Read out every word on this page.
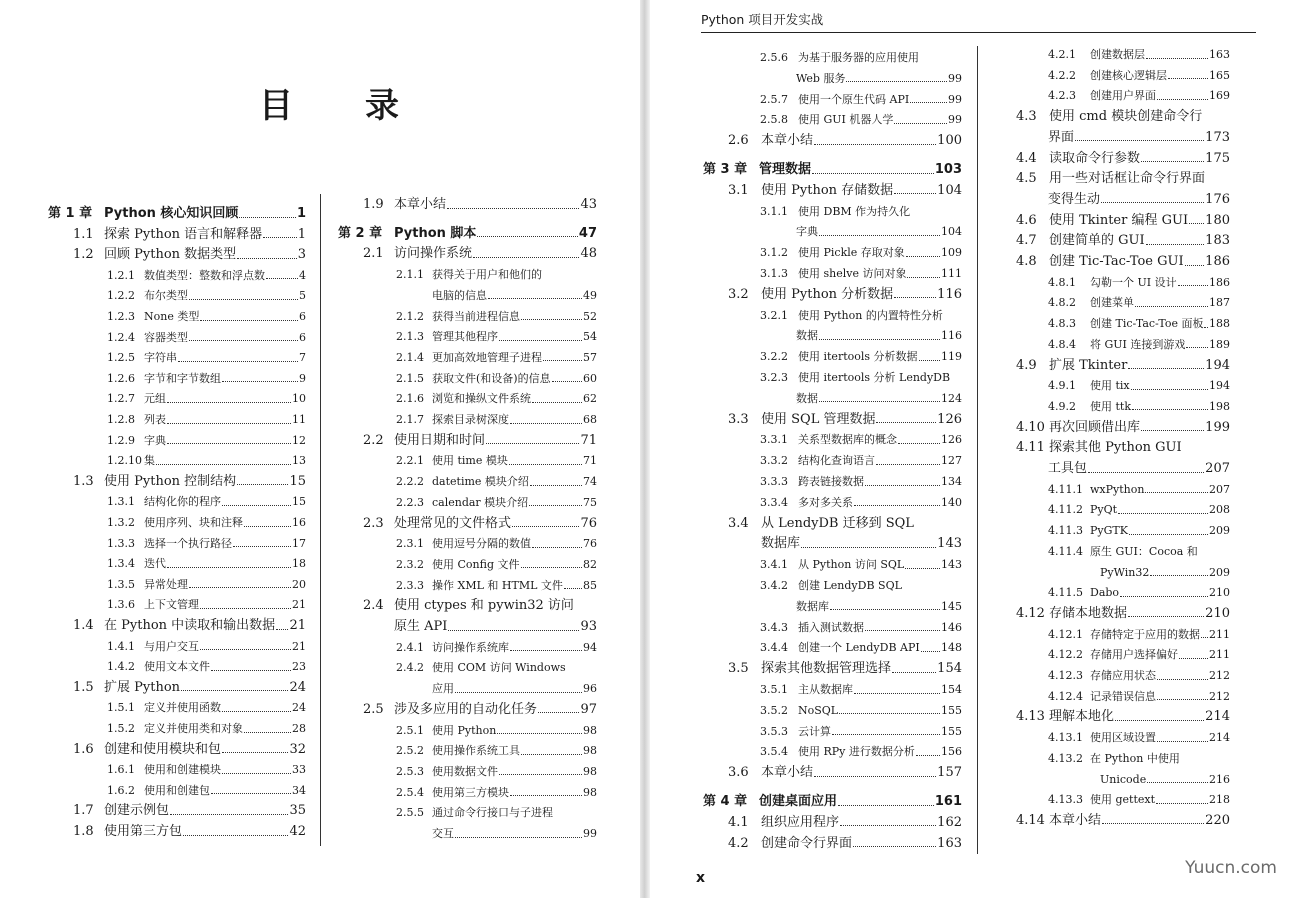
目 录
第 1 章 Python 核心知识回顾	1
1.1 探索 Python 语言和解释器	1
1.2 回顾 Python 数据类型	3
1.2.1 数值类型：整数和浮点数	4
1.2.2 布尔类型	5
1.2.3 None 类型	6
1.2.4 容器类型	6
1.2.5 字符串	7
1.2.6 字节和字节数组	9
1.2.7 元组	10
1.2.8 列表	11
1.2.9 字典	12
1.2.10 集	13
1.3 使用 Python 控制结构	15
1.3.1 结构化你的程序	15
1.3.2 使用序列、块和注释	16
1.3.3 选择一个执行路径	17
1.3.4 迭代	18
1.3.5 异常处理	20
1.3.6 上下文管理	21
1.4 在 Python 中读取和输出数据 21
1.4.1 与用户交互	21
1.4.2 使用文本文件	23
1.5 扩展 Python	24
1.5.1 定义并使用函数	24
1.5.2 定义并使用类和对象	28
1.6 创建和使用模块和包	32
1.6.1 使用和创建模块	33
1.6.2 使用和创建包	34
1.7 创建示例包	35
1.8 使用第三方包	42
1.9 本章小结	43
第 2 章 Python 脚本	47
2.1 访问操作系统	48
2.1.1 获得关于用户和他们的
电脑的信息	49
2.1.2 获得当前进程信息	52
2.1.3 管理其他程序	54
2.1.4 更加高效地管理子进程	57
2.1.5 获取文件(和设备)的信息	60
2.1.6 浏览和操纵文件系统	62
2.1.7 探索目录树深度	68
2.2 使用日期和时间	71
2.2.1 使用 time 模块	71
2.2.2 datetime 模块介绍	74
2.2.3 calendar 模块介绍	75
2.3 处理常见的文件格式	76
2.3.1 使用逗号分隔的数值	76
2.3.2 使用 Config 文件	82
2.3.3 操作 XML 和 HTML 文件 85
2.4 使用 ctypes 和 pywin32 访问
原生 API	93
2.4.1 访问操作系统库	94
2.4.2 使用 COM 访问 Windows
应用	96
2.5 涉及多应用的自动化任务	97
2.5.1 使用 Python	98
2.5.2 使用操作系统工具	98
2.5.3 使用数据文件	98
2.5.4 使用第三方模块	98
2.5.5 通过命令行接口与子进程
交互	99
Python 项目开发实战
x	Yuucn.com
2.5.6 为基于服务器的应用使用
Web 服务	99
2.5.7 使用一个原生代码 API	99
2.5.8 使用 GUI 机器人学	99
2.6 本章小结	100
第 3 章 管理数据	103
3.1 使用 Python 存储数据	104
3.1.1 使用 DBM 作为持久化
字典	104
3.1.2 使用 Pickle 存取对象	109
3.1.3 使用 shelve 访问对象	111
3.2 使用 Python 分析数据	116
3.2.1 使用 Python 的内置特性分析
数据	116
3.2.2 使用 itertools 分析数据 119
3.2.3 使用 itertools 分析 LendyDB
数据	124
3.3 使用 SQL 管理数据	126
3.3.1 关系型数据库的概念	126
3.3.2 结构化查询语言	127
3.3.3 跨表链接数据	134
3.3.4 多对多关系	140
3.4 从 LendyDB 迁移到 SQL
数据库	143
3.4.1 从 Python 访问 SQL	143
3.4.2 创建 LendyDB SQL
数据库	145
3.4.3 插入测试数据	146
3.4.4 创建一个 LendyDB API 148
3.5 探索其他数据管理选择	154
3.5.1 主从数据库	154
3.5.2 NoSQL	155
3.5.3 云计算	155
3.5.4 使用 RPy 进行数据分析 156
3.6 本章小结	157
第 4 章 创建桌面应用	161
4.1 组织应用程序	162
4.2 创建命令行界面	163
4.2.1	创建数据层	163
4.2.2	创建核心逻辑层	165
4.2.3	创建用户界面	169
4.3 使用 cmd 模块创建命令行
界面	173
4.4 读取命令行参数	175
4.5 用一些对话框让命令行界面
变得生动	176
4.6 使用 Tkinter 编程 GUI 180
4.7 创建简单的 GUI	183
4.8 创建 Tic-Tac-Toe GUI 186
4.8.1	勾勒一个 UI 设计	186
4.8.2	创建菜单	187
4.8.3	创建 Tic-Tac-Toe 面板 188
4.8.4	将 GUI 连接到游戏 189
4.9 扩展 Tkinter	194
4.9.1	使用 tix	194
4.9.2	使用 ttk	198
4.10 再次回顾借出库	199
4.11 探索其他 Python GUI
工具包	207
4.11.1 wxPython	207
4.11.2 PyQt	208
4.11.3 PyGTK	209
4.11.4 原生 GUI：Cocoa 和
PyWin32	209
4.11.5 Dabo	210
4.12 存储本地数据	210
4.12.1 存储特定于应用的数据 211
4.12.2 存储用户选择偏好	211
4.12.3 存储应用状态	212
4.12.4 记录错误信息	212
4.13 理解本地化	214
4.13.1 使用区域设置	214
4.13.2 在 Python 中使用
Unicode	216
4.13.3 使用 gettext	218
4.14 本章小结	220
